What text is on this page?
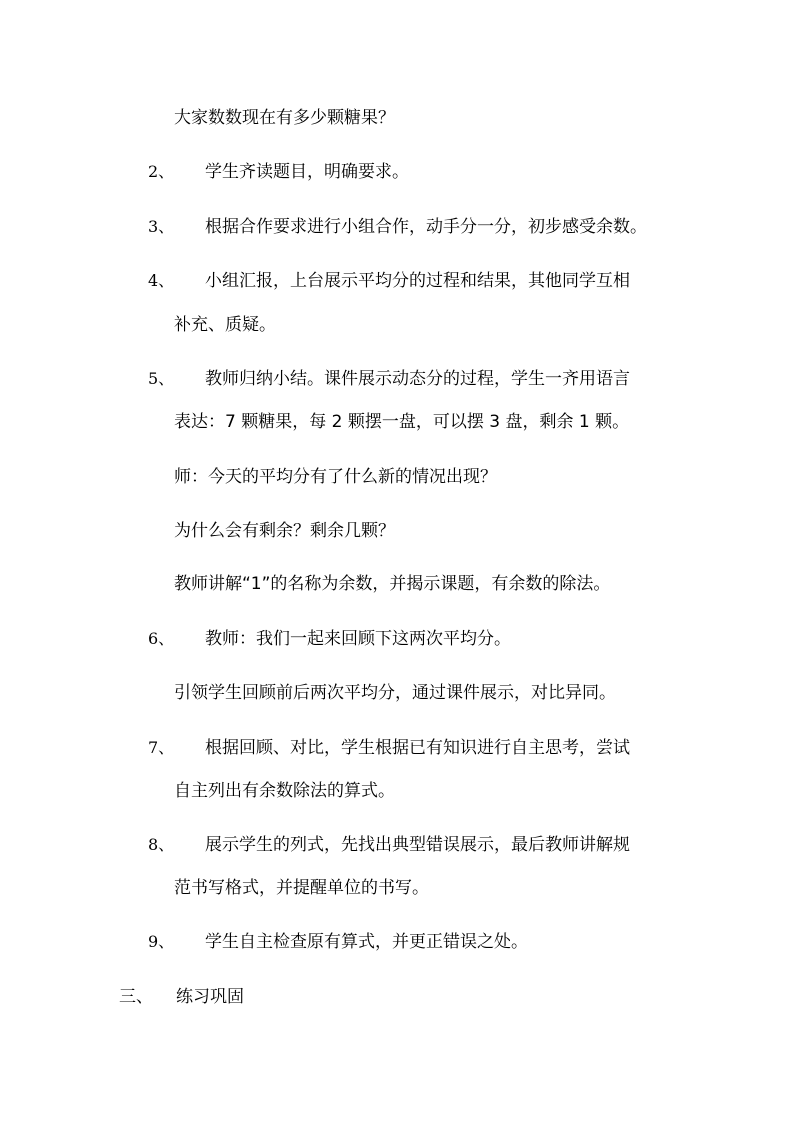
大家数数现在有多少颗糖果？
2、 学生齐读题目，明确要求。
3、 根据合作要求进行小组合作，动手分一分，初步感受余数。
4、 小组汇报，上台展示平均分的过程和结果，其他同学互相
补充、质疑。
5、 教师归纳小结。课件展示动态分的过程，学生一齐用语言
表达：7 颗糖果，每 2 颗摆一盘，可以摆 3 盘，剩余 1 颗。
师：今天的平均分有了什么新的情况出现？
为什么会有剩余？剩余几颗？
教师讲解“1”的名称为余数，并揭示课题，有余数的除法。
6、 教师：我们一起来回顾下这两次平均分。
引领学生回顾前后两次平均分，通过课件展示，对比异同。
7、 根据回顾、对比，学生根据已有知识进行自主思考，尝试
自主列出有余数除法的算式。
8、 展示学生的列式，先找出典型错误展示，最后教师讲解规
范书写格式，并提醒单位的书写。
9、 学生自主检查原有算式，并更正错误之处。
三、 练习巩固
